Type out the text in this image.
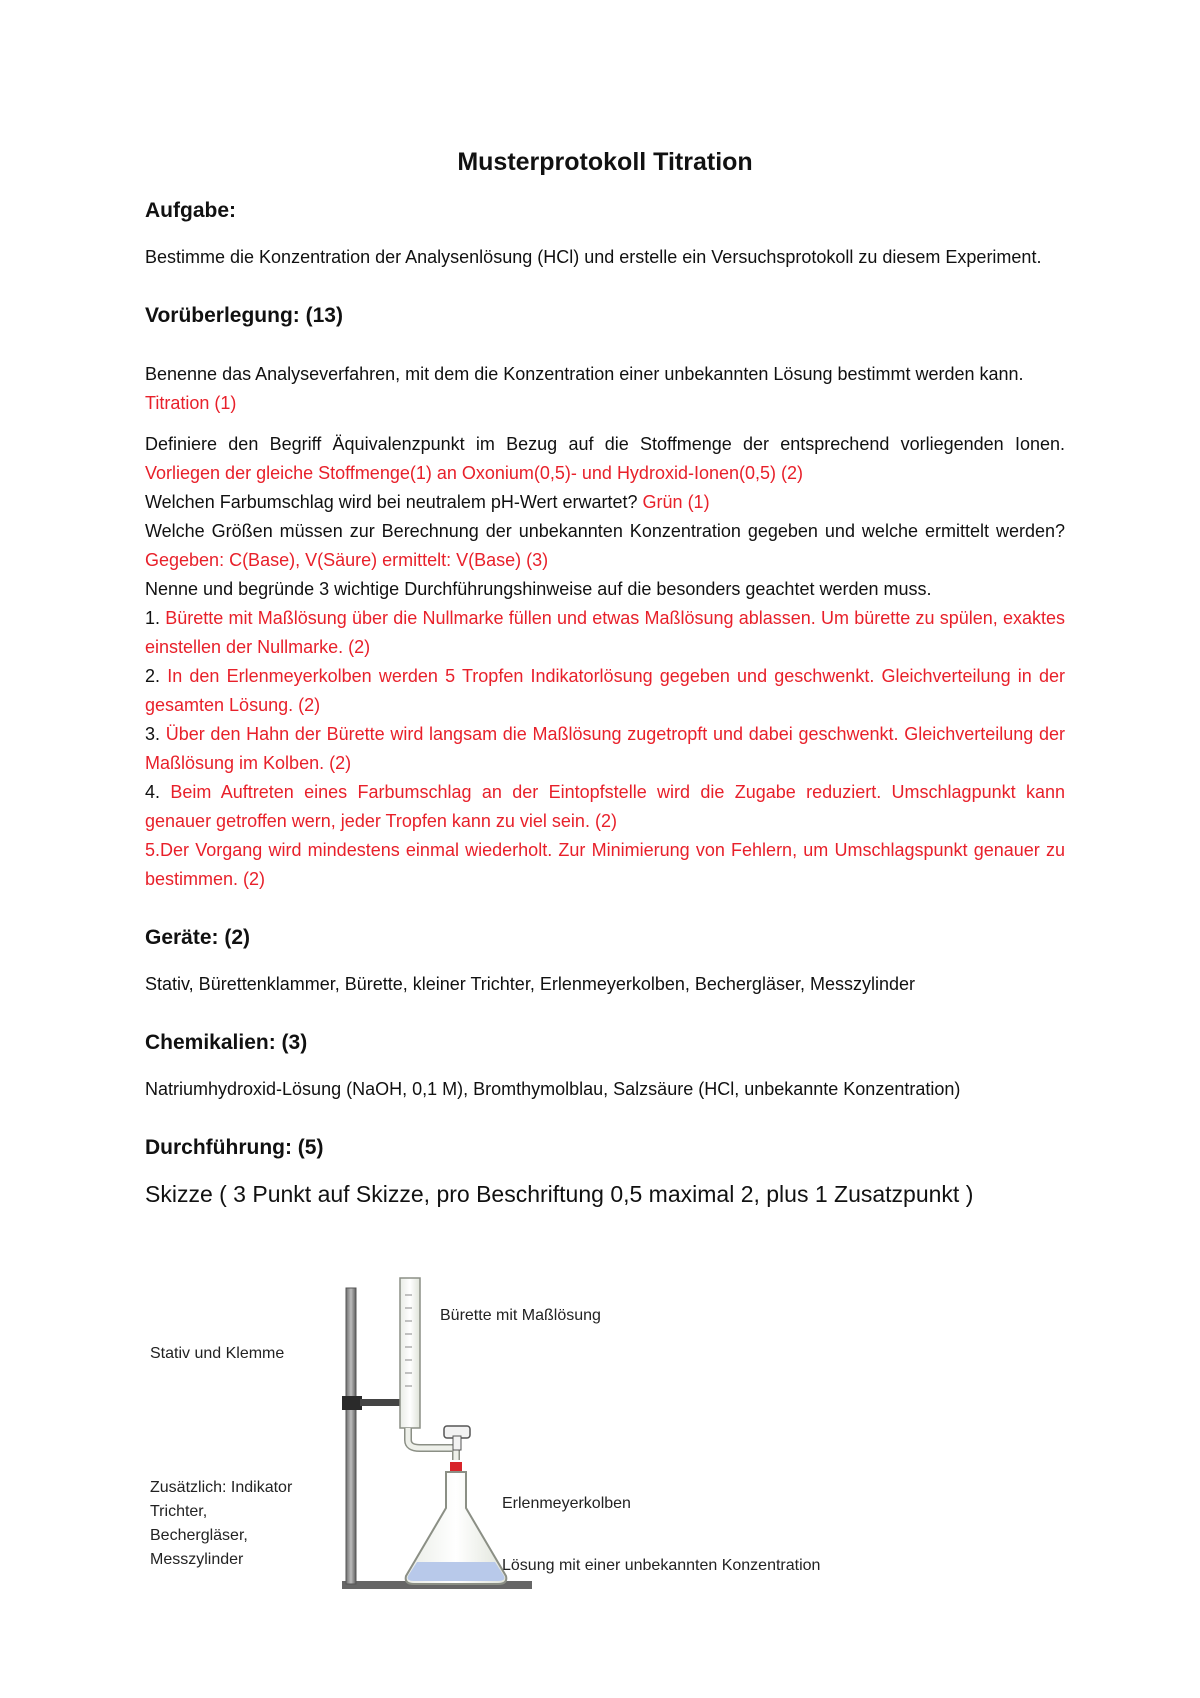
Musterprotokoll Titration
Aufgabe:

Bestimme die Konzentration der Analysenlösung (HCl) und erstelle ein Versuchsprotokoll zu diesem Experiment.

Vorüberlegung: (13)

Benenne das Analyseverfahren, mit dem die Konzentration einer unbekannten Lösung bestimmt werden kann. Titration (1)

Definiere den Begriff Äquivalenzpunkt im Bezug auf die Stoffmenge der entsprechend vorliegenden Ionen. Vorliegen der gleiche Stoffmenge(1) an Oxonium(0,5)- und Hydroxid-Ionen(0,5) (2)

Welchen Farbumschlag wird bei neutralem pH-Wert erwartet? Grün (1)

Welche Größen müssen zur Berechnung der unbekannten Konzentration gegeben und welche ermittelt werden? Gegeben: C(Base), V(Säure) ermittelt: V(Base) (3)

Nenne und begründe 3 wichtige Durchführungshinweise auf die besonders geachtet werden muss.

1. Bürette mit Maßlösung über die Nullmarke füllen und etwas Maßlösung ablassen. Um bürette zu spülen, exaktes einstellen der Nullmarke. (2)

2. In den Erlenmeyerkolben werden 5 Tropfen Indikatorlösung gegeben und geschwenkt. Gleichverteilung in der gesamten Lösung. (2)

3. Über den Hahn der Bürette wird langsam die Maßlösung zugetropft und dabei geschwenkt. Gleichverteilung der Maßlösung im Kolben. (2)

4. Beim Auftreten eines Farbumschlag an der Eintopfstelle wird die Zugabe reduziert. Umschlagpunkt kann genauer getroffen wern, jeder Tropfen kann zu viel sein. (2)

5.Der Vorgang wird mindestens einmal wiederholt. Zur Minimierung von Fehlern, um Umschlagspunkt genauer zu bestimmen. (2)

Geräte: (2)

Stativ, Bürettenklammer, Bürette, kleiner Trichter, Erlenmeyerkolben, Bechergläser, Messzylinder

Chemikalien: (3)

Natriumhydroxid-Lösung (NaOH, 0,1 M), Bromthymolblau, Salzsäure (HCl, unbekannte Konzentration)

Durchführung: (5)

Skizze ( 3 Punkt auf Skizze, pro Beschriftung 0,5 maximal 2, plus 1 Zusatzpunkt )

Bürette mit Maßlösung
Stativ und Klemme
Erlenmeyerkolben
Lösung mit einer unbekannten Konzentration
Zusätzlich: Indikator
Trichter,
Bechergläser,
Messzylinder
